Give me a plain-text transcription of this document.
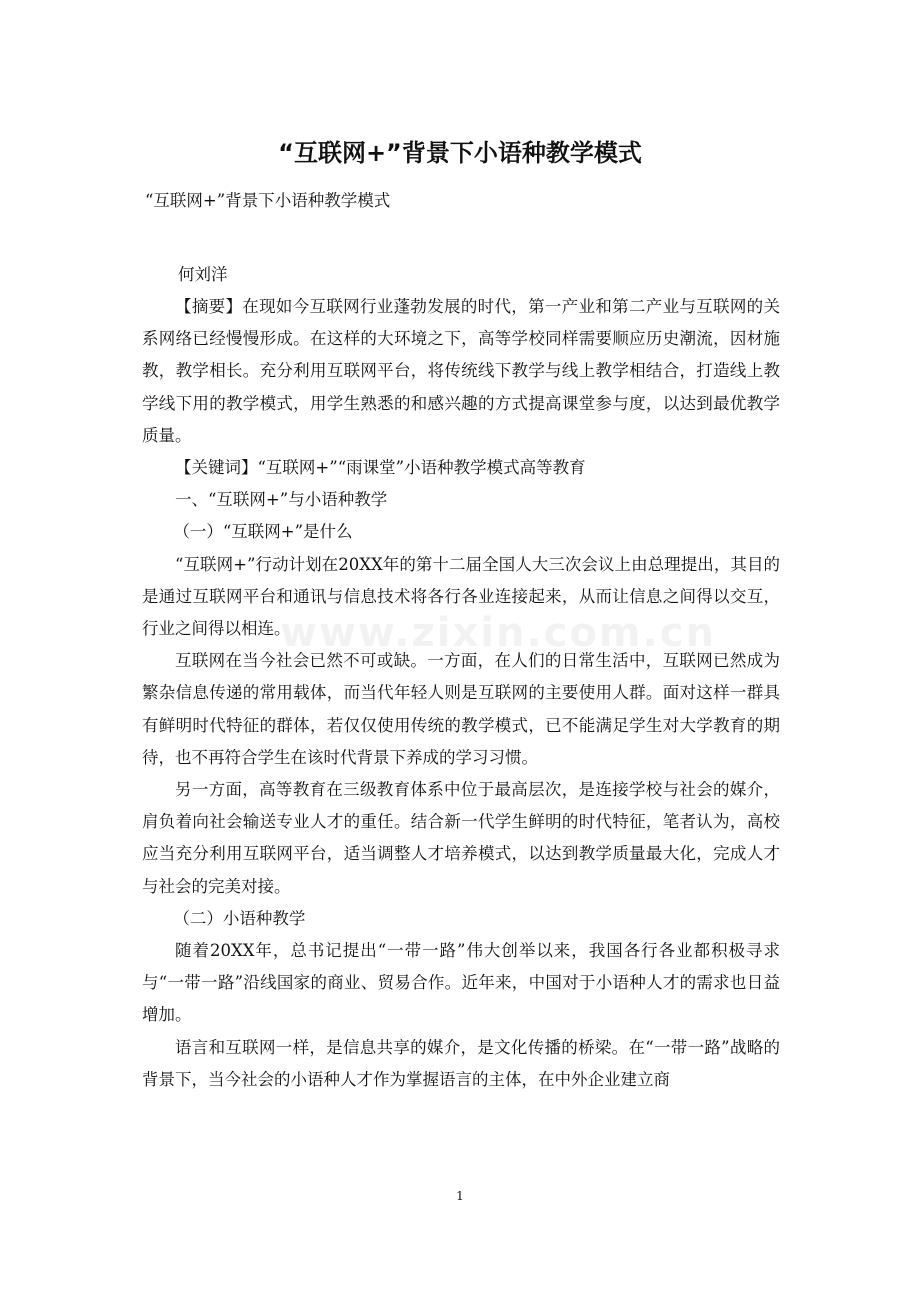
www.zixin.com.cn
“互联网+”背景下小语种教学模式
“互联网+”背景下小语种教学模式
何刘洋

【摘要】在现如今互联网行业蓬勃发展的时代，第一产业和第二产业与互联网的关系网络已经慢慢形成。在这样的大环境之下，高等学校同样需要顺应历史潮流，因材施教，教学相长。充分利用互联网平台，将传统线下教学与线上教学相结合，打造线上教学线下用的教学模式，用学生熟悉的和感兴趣的方式提高课堂参与度，以达到最优教学质量。

【关键词】“互联网+”“雨课堂”小语种教学模式高等教育

一、“互联网+”与小语种教学

（一）“互联网+”是什么

“互联网+”行动计划在20XX年的第十二届全国人大三次会议上由总理提出，其目的是通过互联网平台和通讯与信息技术将各行各业连接起来，从而让信息之间得以交互，行业之间得以相连。

互联网在当今社会已然不可或缺。一方面，在人们的日常生活中，互联网已然成为繁杂信息传递的常用载体，而当代年轻人则是互联网的主要使用人群。面对这样一群具有鲜明时代特征的群体，若仅仅使用传统的教学模式，已不能满足学生对大学教育的期待，也不再符合学生在该时代背景下养成的学习习惯。

另一方面，高等教育在三级教育体系中位于最高层次，是连接学校与社会的媒介，肩负着向社会输送专业人才的重任。结合新一代学生鲜明的时代特征，笔者认为，高校应当充分利用互联网平台，适当调整人才培养模式，以达到教学质量最大化，完成人才与社会的完美对接。

（二）小语种教学

随着20XX年，总书记提出“一带一路”伟大创举以来，我国各行各业都积极寻求与“一带一路”沿线国家的商业、贸易合作。近年来，中国对于小语种人才的需求也日益增加。

语言和互联网一样，是信息共享的媒介，是文化传播的桥梁。在“一带一路”战略的背景下，当今社会的小语种人才作为掌握语言的主体，在中外企业建立商

1
